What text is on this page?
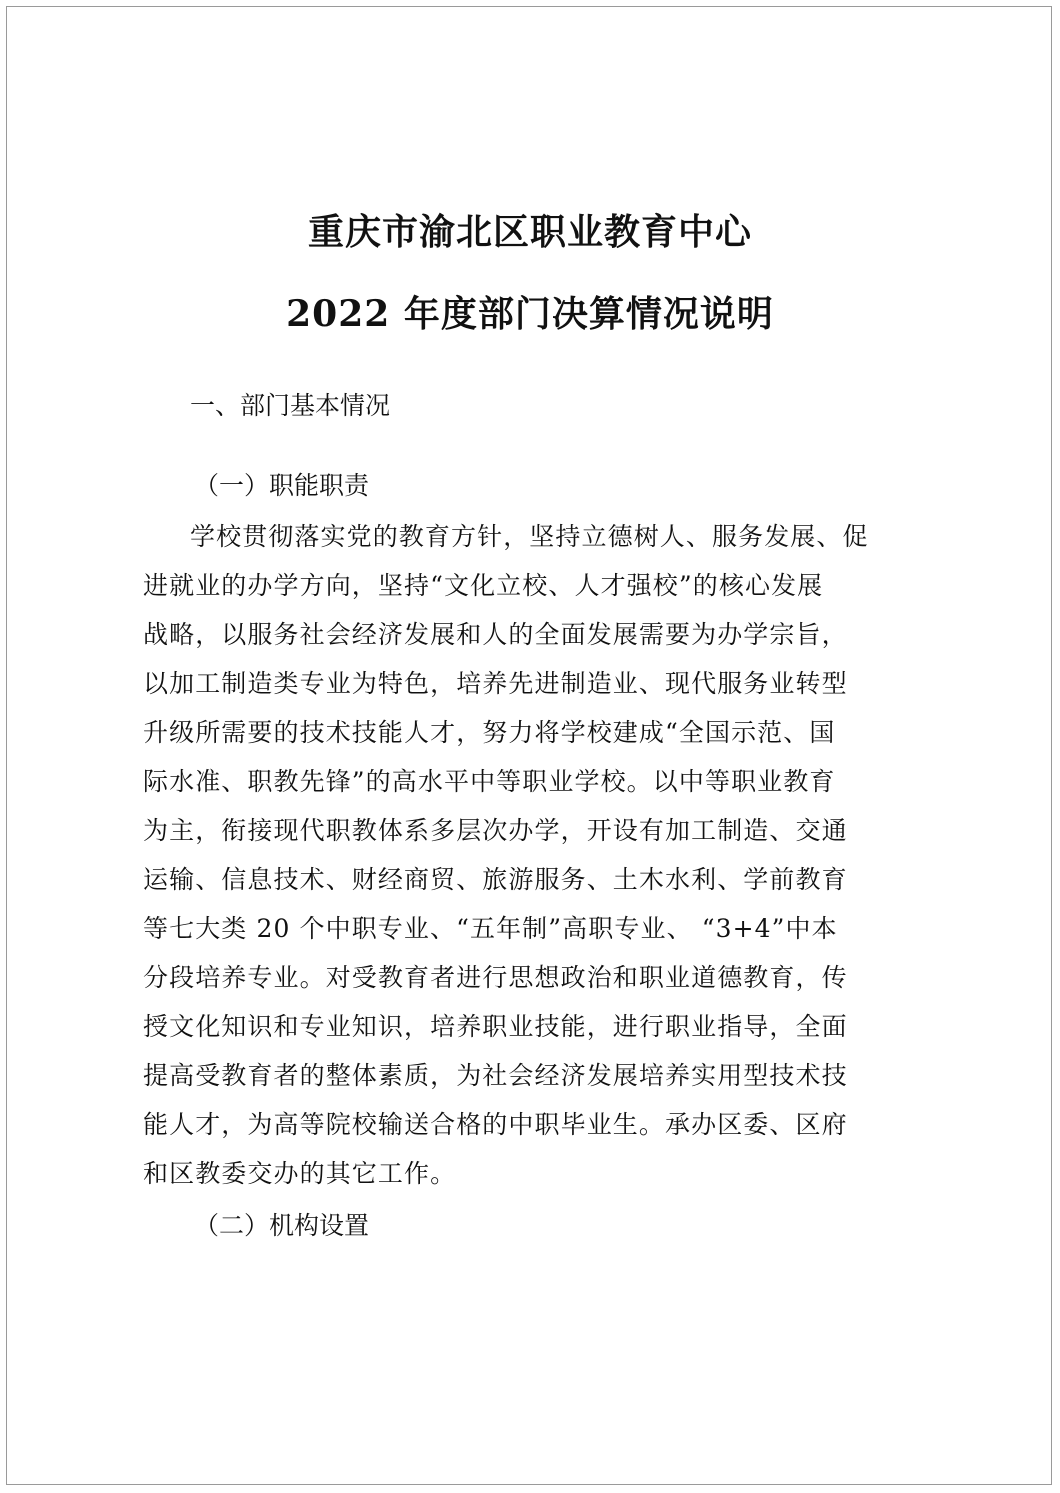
重庆市渝北区职业教育中心
2022 年度部门决算情况说明
一、部门基本情况
（一）职能职责
学校贯彻落实党的教育方针，坚持立德树人、服务发展、促
进就业的办学方向，坚持“文化立校、人才强校”的核心发展
战略，以服务社会经济发展和人的全面发展需要为办学宗旨，
以加工制造类专业为特色，培养先进制造业、现代服务业转型
升级所需要的技术技能人才，努力将学校建成“全国示范、国
际水准、职教先锋”的高水平中等职业学校。以中等职业教育
为主，衔接现代职教体系多层次办学，开设有加工制造、交通
运输、信息技术、财经商贸、旅游服务、土木水利、学前教育
等七大类 20 个中职专业、“五年制”高职专业、 “3+4”中本
分段培养专业。对受教育者进行思想政治和职业道德教育，传
授文化知识和专业知识，培养职业技能，进行职业指导，全面
提高受教育者的整体素质，为社会经济发展培养实用型技术技
能人才，为高等院校输送合格的中职毕业生。承办区委、区府
和区教委交办的其它工作。
（二）机构设置
